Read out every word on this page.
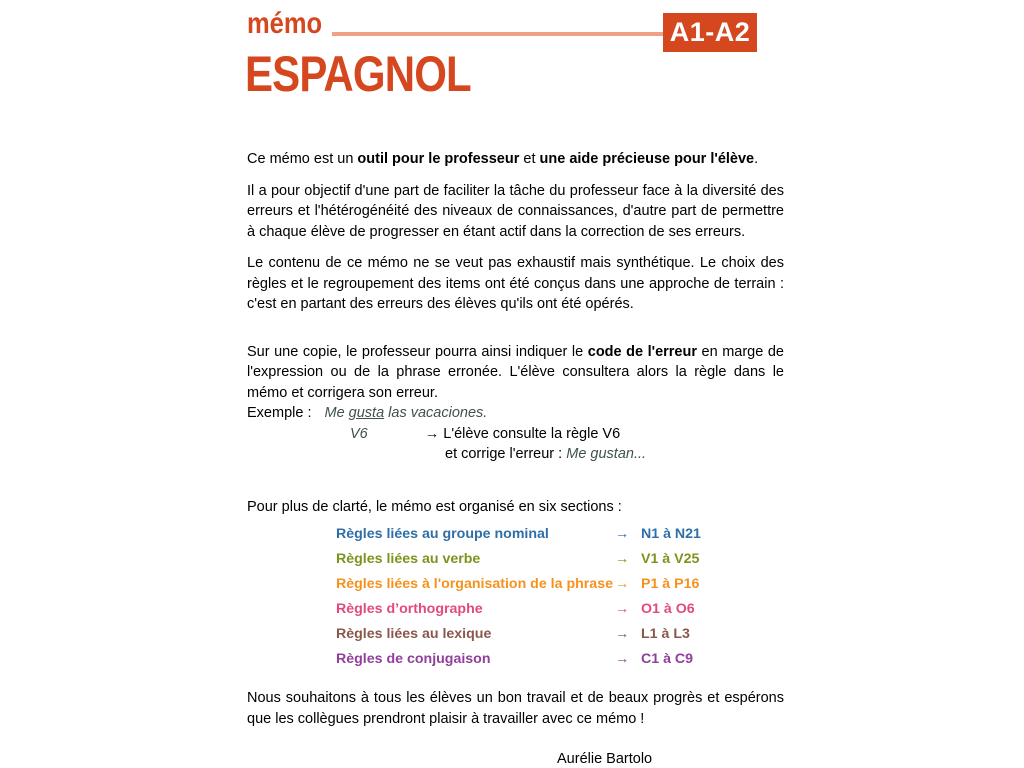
mémo	A1-A2
ESPAGNOL

Ce mémo est un outil pour le professeur et une aide précieuse pour l'élève.

Il a pour objectif d'une part de faciliter la tâche du professeur face à la diversité des erreurs et l'hétérogénéité des niveaux de connaissances, d'autre part de permettre à chaque élève de progresser en étant actif dans la correction de ses erreurs.

Le contenu de ce mémo ne se veut pas exhaustif mais synthétique. Le choix des règles et le regroupement des items ont été conçus dans une approche de terrain : c'est en partant des erreurs des élèves qu'ils ont été opérés.

Sur une copie, le professeur pourra ainsi indiquer le code de l'erreur en marge de l'expression ou de la phrase erronée. L'élève consultera alors la règle dans le mémo et corrigera son erreur.

Exemple : Me gusta las vacaciones.
V6	→ L'élève consulte la règle V6
et corrige l'erreur : Me gustan...

Pour plus de clarté, le mémo est organisé en six sections :

Règles liées au groupe nominal	→ N1 à N21
Règles liées au verbe	→ V1 à V25
Règles liées à l'organisation de la phrase → P1 à P16
Règles d’orthographe	→ O1 à O6
Règles liées au lexique	→ L1 à L3
Règles de conjugaison	→ C1 à C9

Nous souhaitons à tous les élèves un bon travail et de beaux progrès et espérons que les collègues prendront plaisir à travailler avec ce mémo !

Aurélie Bartolo
